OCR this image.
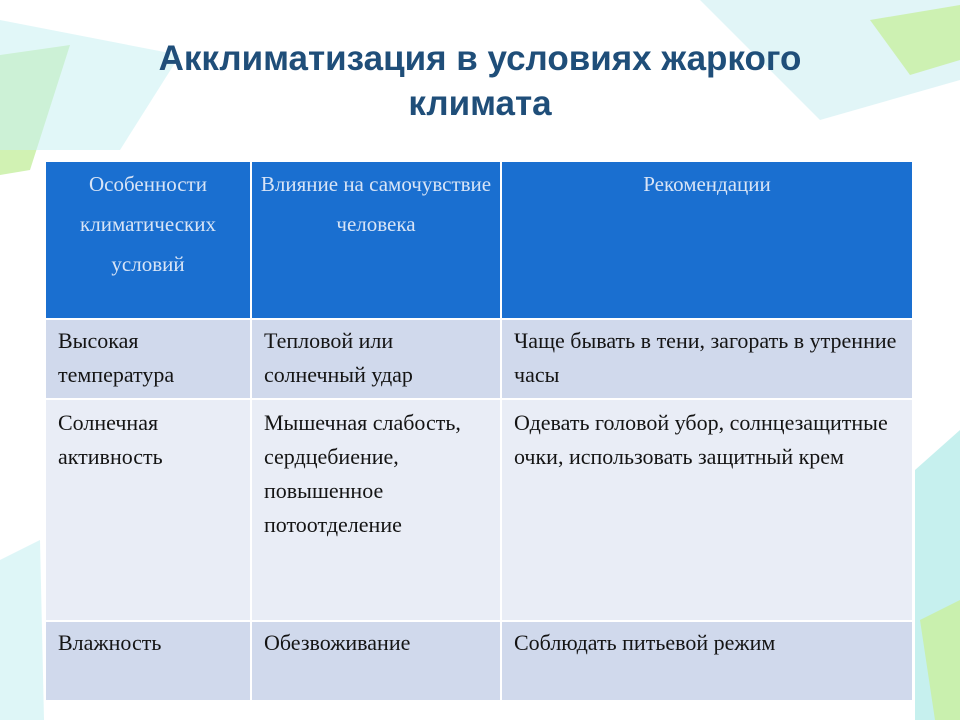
Акклиматизация в условиях жаркого
климата
Особенности климатических условий	Влияние на самочувствие человека	Рекомендации
Высокая температура	Тепловой или солнечный удар	Чаще бывать в тени, загорать в утренние часы
Солнечная активность	Мышечная слабость, сердцебиение, повышенное потоотделение	Одевать головой убор, солнцезащитные очки, использовать защитный крем
Влажность	Обезвоживание	Соблюдать питьевой режим
